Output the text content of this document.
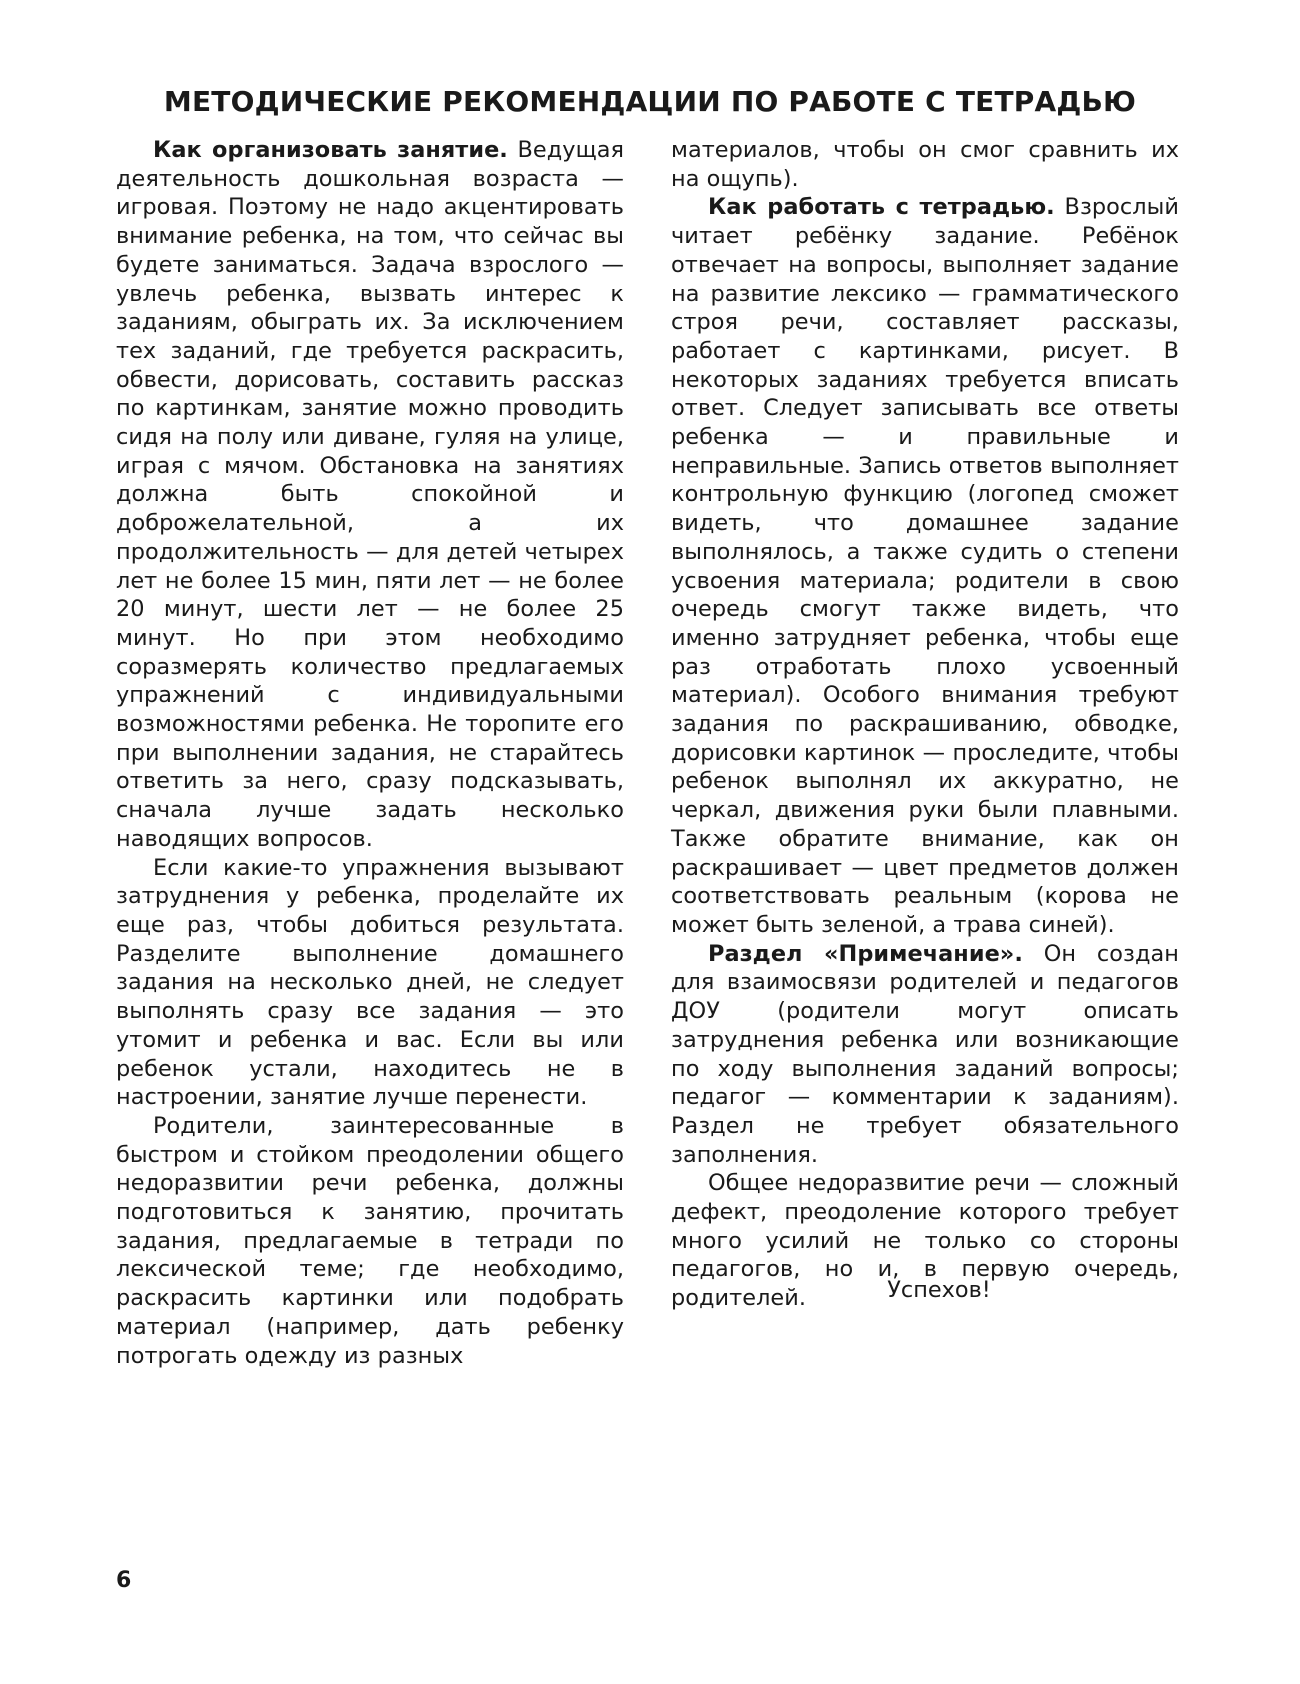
МЕТОДИЧЕСКИЕ РЕКОМЕНДАЦИИ ПО РАБОТЕ С ТЕТРАДЬЮ

Как организовать занятие. Ведущая деятельность дошкольная возраста — игровая. Поэтому не надо акцентировать внимание ребенка, на том, что сейчас вы будете заниматься. Задача взрослого — увлечь ребенка, вызвать интерес к заданиям, обыграть их. За исключением тех заданий, где требуется раскрасить, обвести, дорисовать, составить рассказ по картинкам, занятие можно проводить сидя на полу или диване, гуляя на улице, играя с мячом. Обстановка на занятиях должна быть спокойной и доброжелательной, а их продолжительность — для детей четырех лет не более 15 мин, пяти лет — не более 20 минут, шести лет — не более 25 минут. Но при этом необходимо соразмерять количество предлагаемых упражнений с индивидуальными возможностями ребенка. Не торопите его при выполнении задания, не старайтесь ответить за него, сразу подсказывать, сначала лучше задать несколько наводящих вопросов.

Если какие-то упражнения вызывают затруднения у ребенка, проделайте их еще раз, чтобы добиться результата. Разделите выполнение домашнего задания на несколько дней, не следует выполнять сразу все задания — это утомит и ребенка и вас. Если вы или ребенок устали, находитесь не в настроении, занятие лучше перенести.

Родители, заинтересованные в быстром и стойком преодолении общего недоразвитии речи ребенка, должны подготовиться к занятию, прочитать задания, предлагаемые в тетради по лексической теме; где необходимо, раскрасить картинки или подобрать материал (например, дать ребенку потрогать одежду из разных

материалов, чтобы он смог сравнить их на ощупь).

Как работать с тетрадью. Взрослый читает ребёнку задание. Ребёнок отвечает на вопросы, выполняет задание на развитие лексико — грамматического строя речи, составляет рассказы, работает с картинками, рисует. В некоторых заданиях требуется вписать ответ. Следует записывать все ответы ребенка — и правильные и неправильные. Запись ответов выполняет контрольную функцию (логопед сможет видеть, что домашнее задание выполнялось, а также судить о степени усвоения материала; родители в свою очередь смогут также видеть, что именно затрудняет ребенка, чтобы еще раз отработать плохо усвоенный материал). Особого внимания требуют задания по раскрашиванию, обводке, дорисовки картинок — проследите, чтобы ребенок выполнял их аккуратно, не черкал, движения руки были плавными. Также обратите внимание, как он раскрашивает — цвет предметов должен соответствовать реальным (корова не может быть зеленой, а трава синей).

Раздел «Примечание». Он создан для взаимосвязи родителей и педагогов ДОУ (родители могут описать затруднения ребенка или возникающие по ходу выполнения заданий вопросы; педагог — комментарии к заданиям). Раздел не требует обязательного заполнения.

Общее недоразвитие речи — сложный дефект, преодоление которого требует много усилий не только со стороны педагогов, но и, в первую очередь, родителей.	Успехов!
6
